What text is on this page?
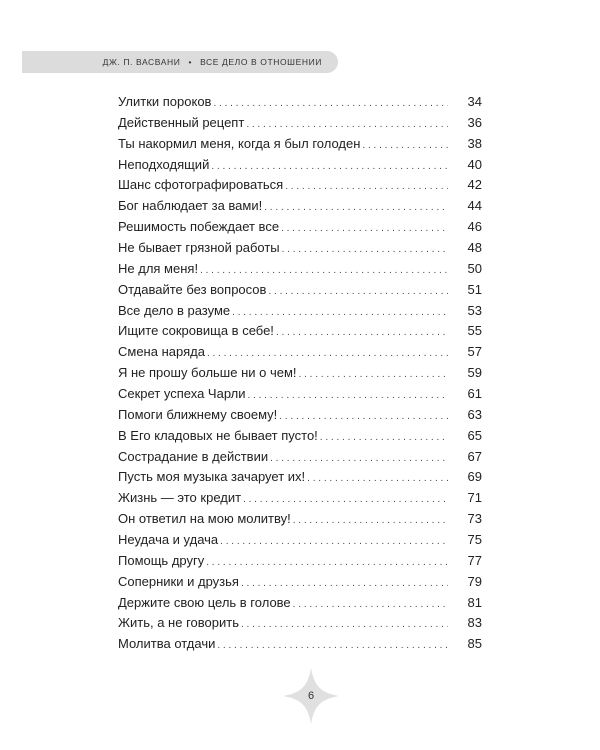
ДЖ. П. ВАСВАНИ • ВСЕ ДЕЛО В ОТНОШЕНИИ
Улитки пороков . . .	34
Действенный рецепт . . .	36
Ты накормил меня, когда я был голоден . . .	38
Неподходящий . . .	40
Шанс сфотографироваться . . .	42
Бог наблюдает за вами! . . .	44
Решимость побеждает все . . .	46
Не бывает грязной работы . . .	48
Не для меня! . . .	50
Отдавайте без вопросов . . .	51
Все дело в разуме . . .	53
Ищите сокровища в себе! . . .	55
Смена наряда . . .	57
Я не прошу больше ни о чем! . . .	59
Секрет успеха Чарли . . .	61
Помоги ближнему своему! . . .	63
В Его кладовых не бывает пусто! . . .	65
Сострадание в действии . . .	67
Пусть моя музыка зачарует их! . . .	69
Жизнь — это кредит . . .	71
Он ответил на мою молитву! . . .	73
Неудача и удача . . .	75
Помощь другу . . .	77
Соперники и друзья . . .	79
Держите свою цель в голове . . .	81
Жить, а не говорить . . .	83
Молитва отдачи . . .	85
6
